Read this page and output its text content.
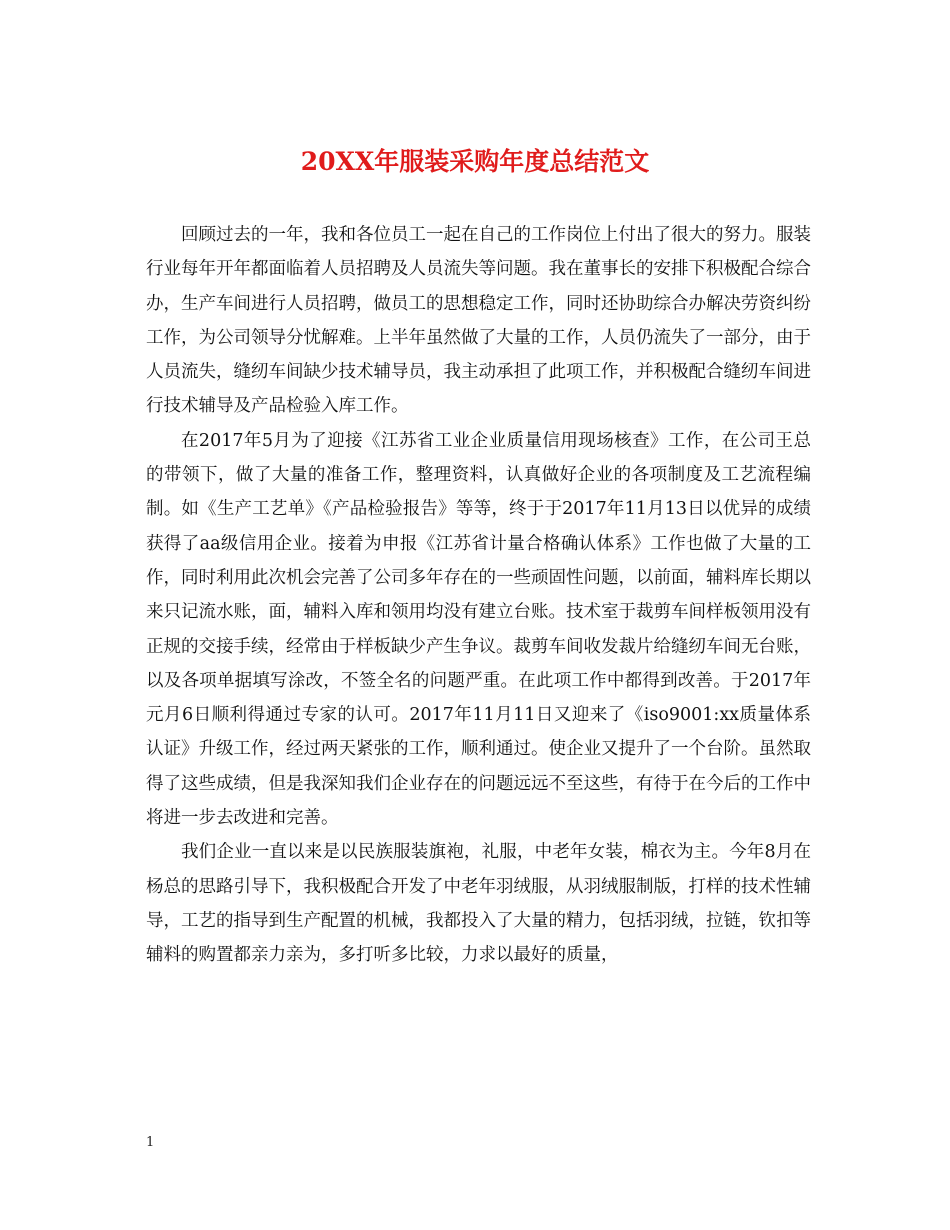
20XX年服装采购年度总结范文

回顾过去的一年，我和各位员工一起在自己的工作岗位上付出了很大的努力。服装行业每年开年都面临着人员招聘及人员流失等问题。我在董事长的安排下积极配合综合办，生产车间进行人员招聘，做员工的思想稳定工作，同时还协助综合办解决劳资纠纷工作，为公司领导分忧解难。上半年虽然做了大量的工作，人员仍流失了一部分，由于人员流失，缝纫车间缺少技术辅导员，我主动承担了此项工作，并积极配合缝纫车间进行技术辅导及产品检验入库工作。

在2017年5月为了迎接《江苏省工业企业质量信用现场核查》工作，在公司王总的带领下，做了大量的准备工作，整理资料，认真做好企业的各项制度及工艺流程编制。如《生产工艺单》《产品检验报告》等等，终于于2017年11月13日以优异的成绩获得了aa级信用企业。接着为申报《江苏省计量合格确认体系》工作也做了大量的工作，同时利用此次机会完善了公司多年存在的一些顽固性问题，以前面，辅料库长期以来只记流水账，面，辅料入库和领用均没有建立台账。技术室于裁剪车间样板领用没有正规的交接手续，经常由于样板缺少产生争议。裁剪车间收发裁片给缝纫车间无台账，以及各项单据填写涂改，不签全名的问题严重。在此项工作中都得到改善。于2017年元月6日顺利得通过专家的认可。2017年11月11日又迎来了《iso9001:xx质量体系认证》升级工作，经过两天紧张的工作，顺利通过。使企业又提升了一个台阶。虽然取得了这些成绩，但是我深知我们企业存在的问题远远不至这些，有待于在今后的工作中将进一步去改进和完善。

我们企业一直以来是以民族服装旗袍，礼服，中老年女装，棉衣为主。今年8月在杨总的思路引导下，我积极配合开发了中老年羽绒服，从羽绒服制版，打样的技术性辅导，工艺的指导到生产配置的机械，我都投入了大量的精力，包括羽绒，拉链，钦扣等辅料的购置都亲力亲为，多打听多比较，力求以最好的质量，

1
